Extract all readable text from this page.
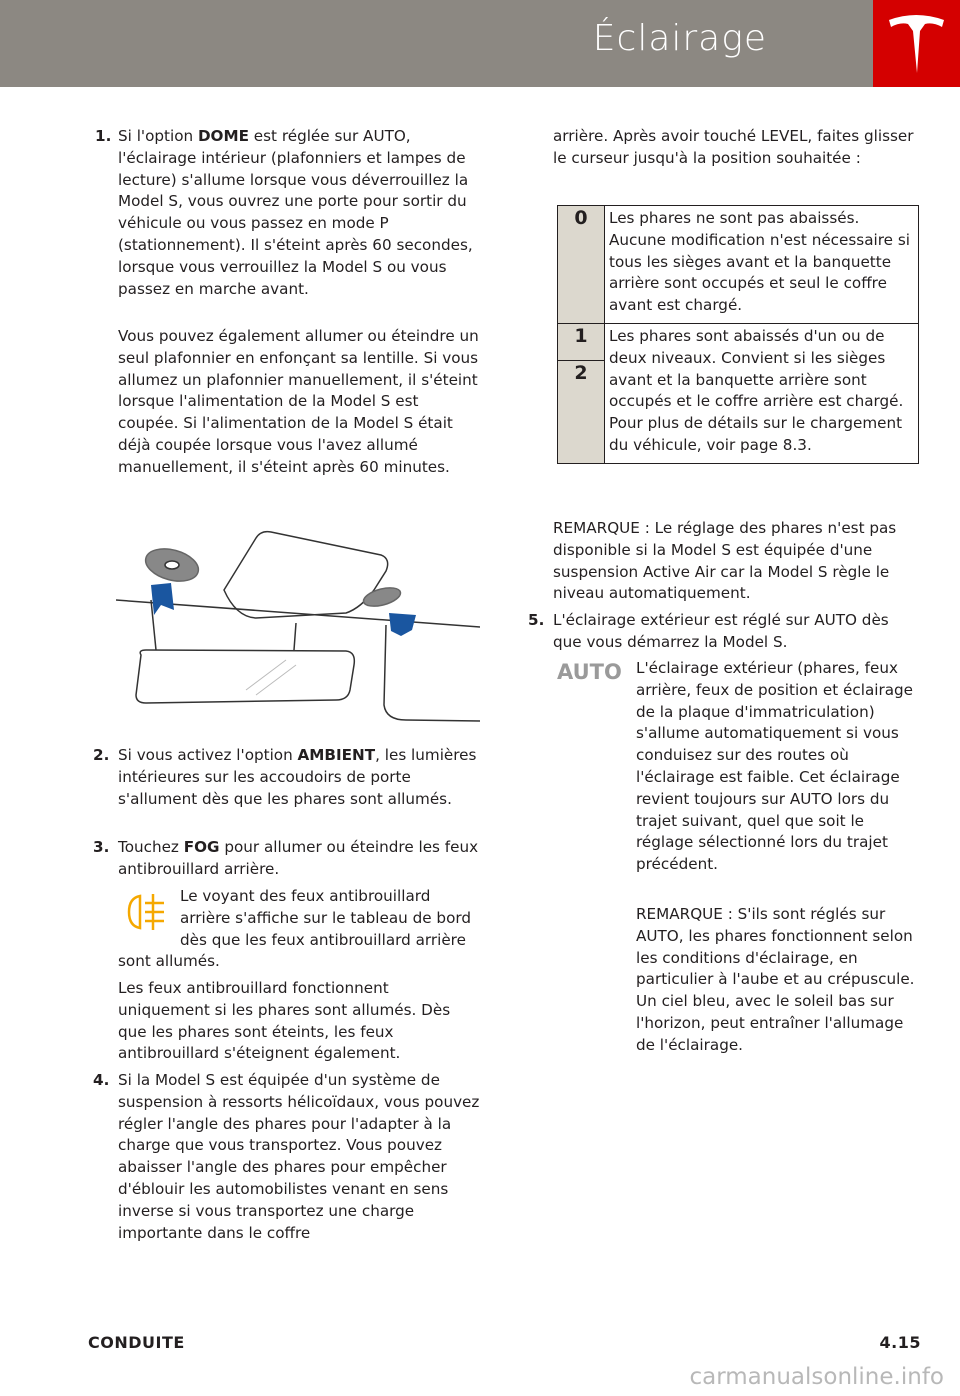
Éclairage
1. Si l'option DOME est réglée sur AUTO, l'éclairage intérieur (plafonniers et lampes de lecture) s'allume lorsque vous déverrouillez la Model S, vous ouvrez une porte pour sortir du véhicule ou vous passez en mode P (stationnement). Il s'éteint après 60 secondes, lorsque vous verrouillez la Model S ou vous passez en marche avant.
Vous pouvez également allumer ou éteindre un seul plafonnier en enfonçant sa lentille. Si vous allumez un plafonnier manuellement, il s'éteint lorsque l'alimentation de la Model S est coupée. Si l'alimentation de la Model S était déjà coupée lorsque vous l'avez allumé manuellement, il s'éteint après 60 minutes.
2. Si vous activez l'option AMBIENT, les lumières intérieures sur les accoudoirs de porte s'allument dès que les phares sont allumés.
3. Touchez FOG pour allumer ou éteindre les feux antibrouillard arrière.
Le voyant des feux antibrouillard arrière s'affiche sur le tableau de bord dès que les feux antibrouillard arrière sont allumés.
Les feux antibrouillard fonctionnent uniquement si les phares sont allumés. Dès que les phares sont éteints, les feux antibrouillard s'éteignent également.
4. Si la Model S est équipée d'un système de suspension à ressorts hélicoïdaux, vous pouvez régler l'angle des phares pour l'adapter à la charge que vous transportez. Vous pouvez abaisser l'angle des phares pour empêcher d'éblouir les automobilistes venant en sens inverse si vous transportez une charge importante dans le coffre
arrière. Après avoir touché LEVEL, faites glisser le curseur jusqu'à la position souhaitée :
0	Les phares ne sont pas abaissés. Aucune modification n'est nécessaire si tous les sièges avant et la banquette arrière sont occupés et seul le coffre avant est chargé.

1
2	Les phares sont abaissés d'un ou de deux niveaux. Convient si les sièges avant et la banquette arrière sont occupés et le coffre arrière est chargé. Pour plus de détails sur le chargement du véhicule, voir page 8.3.
REMARQUE : Le réglage des phares n'est pas disponible si la Model S est équipée d'une suspension Active Air car la Model S règle le niveau automatiquement.
5. L'éclairage extérieur est réglé sur AUTO dès que vous démarrez la Model S.
AUTO L'éclairage extérieur (phares, feux arrière, feux de position et éclairage de la plaque d'immatriculation) s'allume automatiquement si vous conduisez sur des routes où l'éclairage est faible. Cet éclairage revient toujours sur AUTO lors du trajet suivant, quel que soit le réglage sélectionné lors du trajet précédent.
REMARQUE : S'ils sont réglés sur AUTO, les phares fonctionnent selon les conditions d'éclairage, en particulier à l'aube et au crépuscule. Un ciel bleu, avec le soleil bas sur l'horizon, peut entraîner l'allumage de l'éclairage.
CONDUITE	4.15
carmanualsonline.info
